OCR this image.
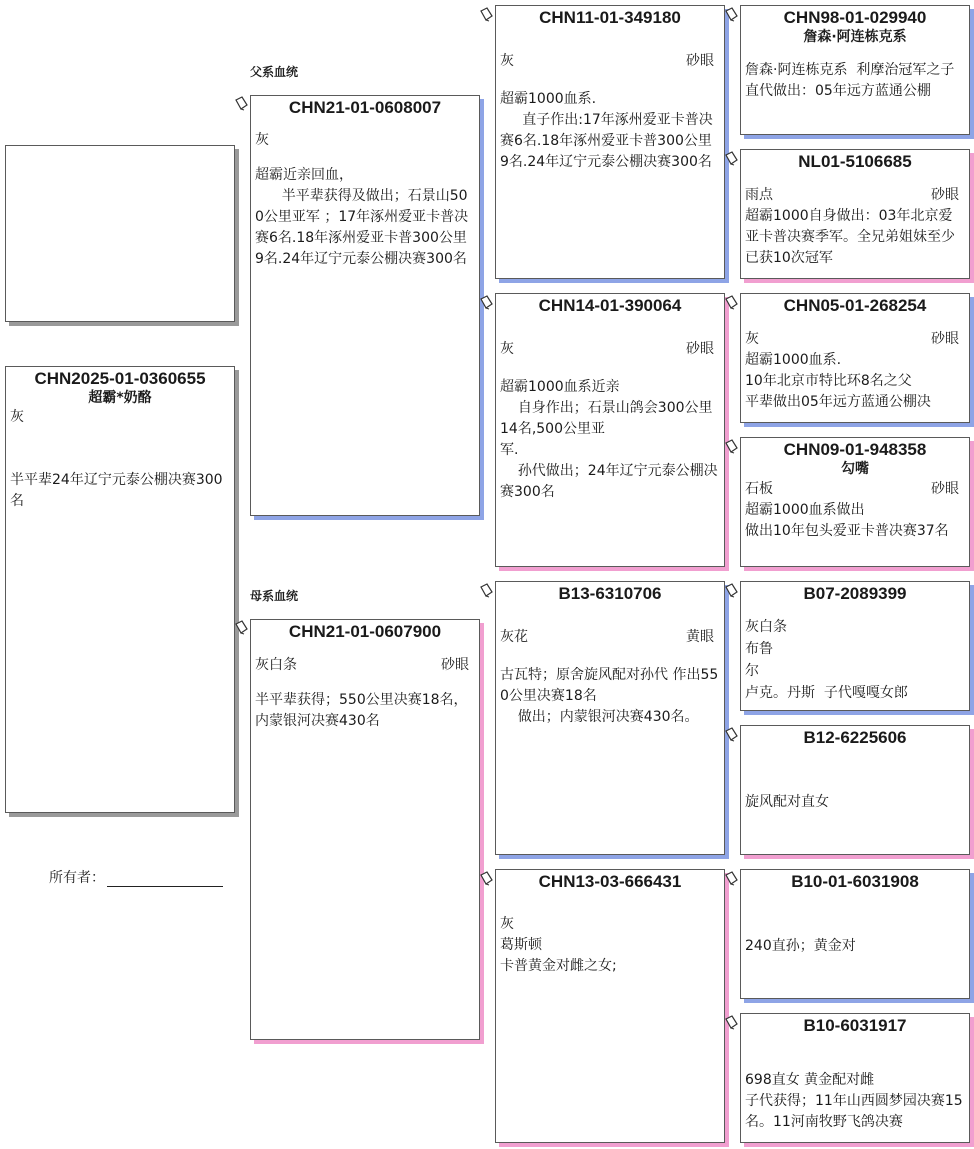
CHN2025-01-0360655
超霸*奶酪
灰
半平辈24年辽宁元泰公棚决赛300名
所有者：
父系血统
母系血统
CHN21-01-0608007
灰
超霸近亲回血，
半平辈获得及做出；石景山500公里亚军 ；17年涿州爱亚卡普决赛6名.18年涿州爱亚卡普300公里9名.24年辽宁元泰公棚决赛300名
CHN21-01-0607900
灰白条	砂眼
半平辈获得；550公里决赛18名，内蒙银河决赛430名
CHN11-01-349180
灰	砂眼
超霸1000血系.
直子作出:17年涿州爱亚卡普决赛6名.18年涿州爱亚卡普300公里9名.24年辽宁元泰公棚决赛300名
CHN14-01-390064
灰	砂眼
超霸1000血系近亲
自身作出；石景山鸽会300公里14名,500公里亚
军.
孙代做出；24年辽宁元泰公棚决赛300名
B13-6310706
灰花	黄眼
古瓦特；原舍旋风配对孙代 作出550公里决赛18名
做出；内蒙银河决赛430名。
CHN13-03-666431
灰
葛斯顿
卡普黄金对雌之女;
CHN98-01-029940
詹森·阿连栋克系
詹森·阿连栋克系  利摩治冠军之子
直代做出：05年远方蓝通公棚
NL01-5106685
雨点	砂眼
超霸1000自身做出：03年北京爱亚卡普决赛季军。全兄弟姐妹至少已获10次冠军
CHN05-01-268254
灰	砂眼
超霸1000血系.
10年北京市特比环8名之父
平辈做出05年远方蓝通公棚决
CHN09-01-948358
勾嘴
石板	砂眼
超霸1000血系做出
做出10年包头爱亚卡普决赛37名
B07-2089399
灰白条
布鲁
尔
卢克。丹斯  子代嘎嘎女郎
B12-6225606
旋风配对直女
B10-01-6031908
240直孙；黄金对
B10-6031917
698直女 黄金配对雌
子代获得；11年山西圆梦园决赛15名。11河南牧野飞鸽决赛
